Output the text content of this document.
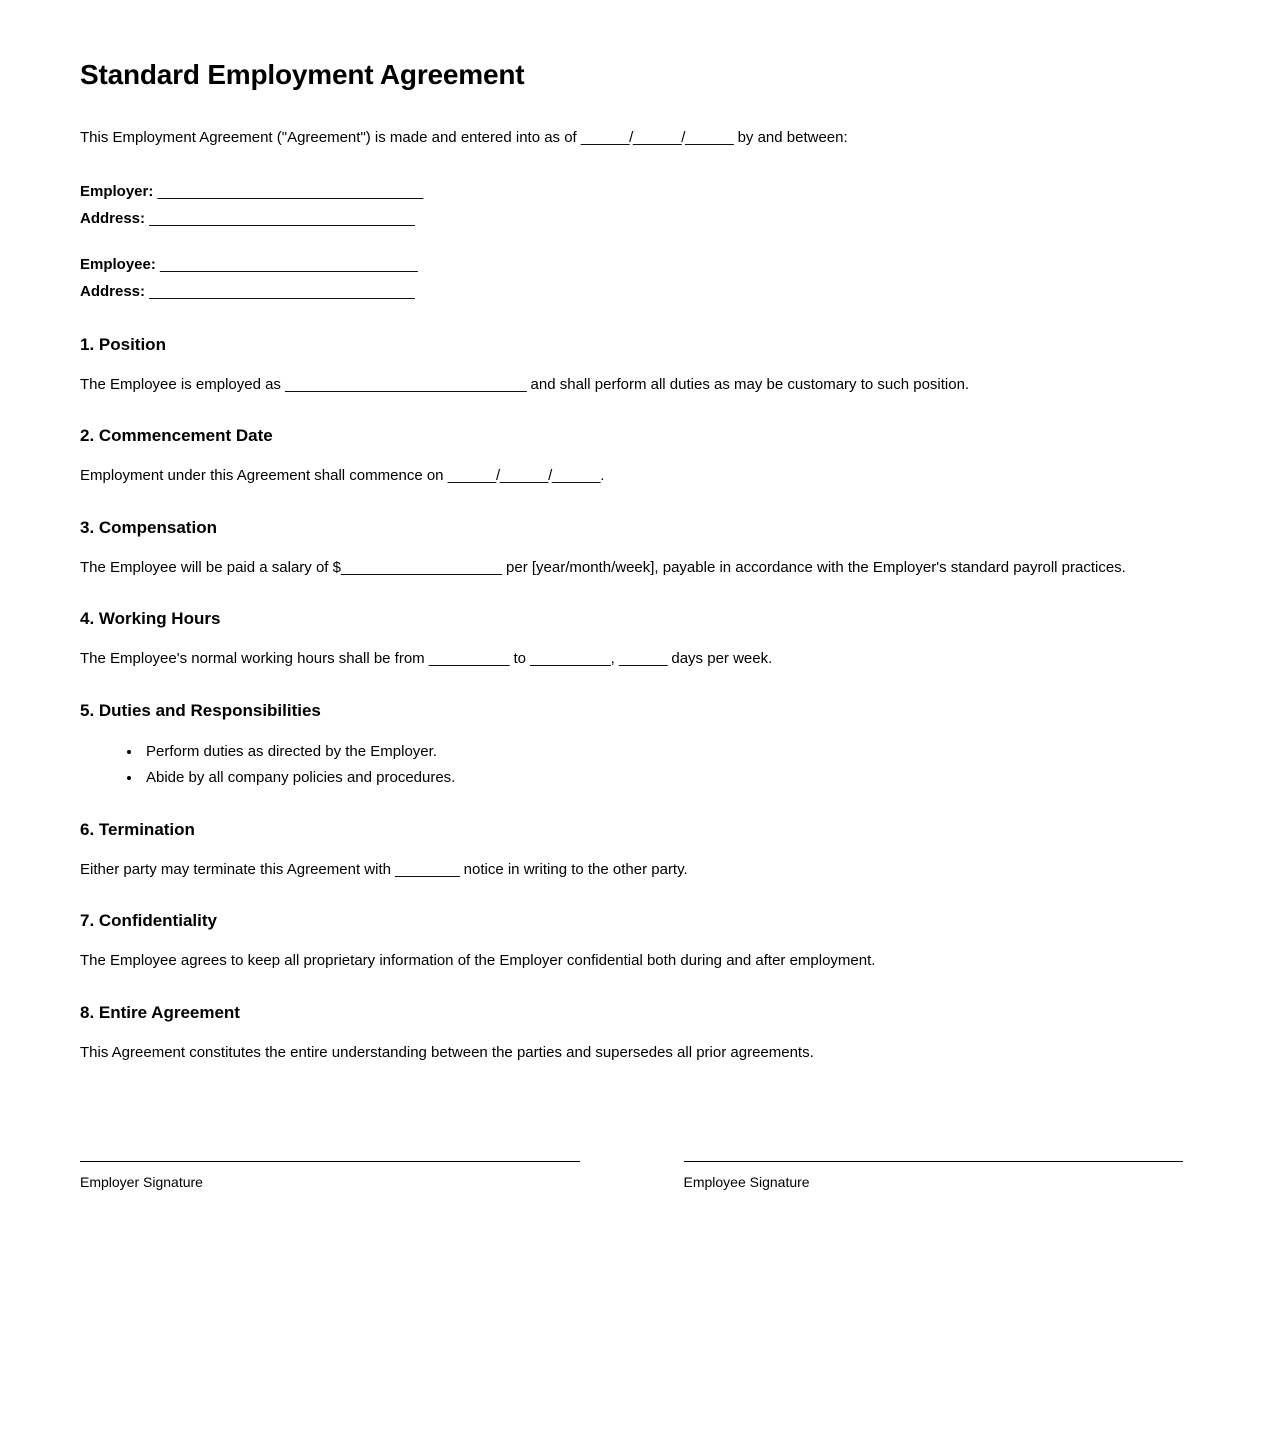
Standard Employment Agreement

This Employment Agreement ("Agreement") is made and entered into as of ______/______/______ by and between:

Employer: _________________________________
Address: _________________________________
Employee: ________________________________
Address: _________________________________
1. Position

The Employee is employed as ______________________________ and shall perform all duties as may be customary to such position.

2. Commencement Date

Employment under this Agreement shall commence on ______/______/______.

3. Compensation

The Employee will be paid a salary of $____________________ per [year/month/week], payable in accordance with the Employer's standard payroll practices.

4. Working Hours

The Employee's normal working hours shall be from __________ to __________, ______ days per week.

5. Duties and Responsibilities
• Perform duties as directed by the Employer.
• Abide by all company policies and procedures.
6. Termination

Either party may terminate this Agreement with ________ notice in writing to the other party.

7. Confidentiality

The Employee agrees to keep all proprietary information of the Employer confidential both during and after employment.

8. Entire Agreement

This Agreement constitutes the entire understanding between the parties and supersedes all prior agreements.

Employer Signature	Employee Signature
